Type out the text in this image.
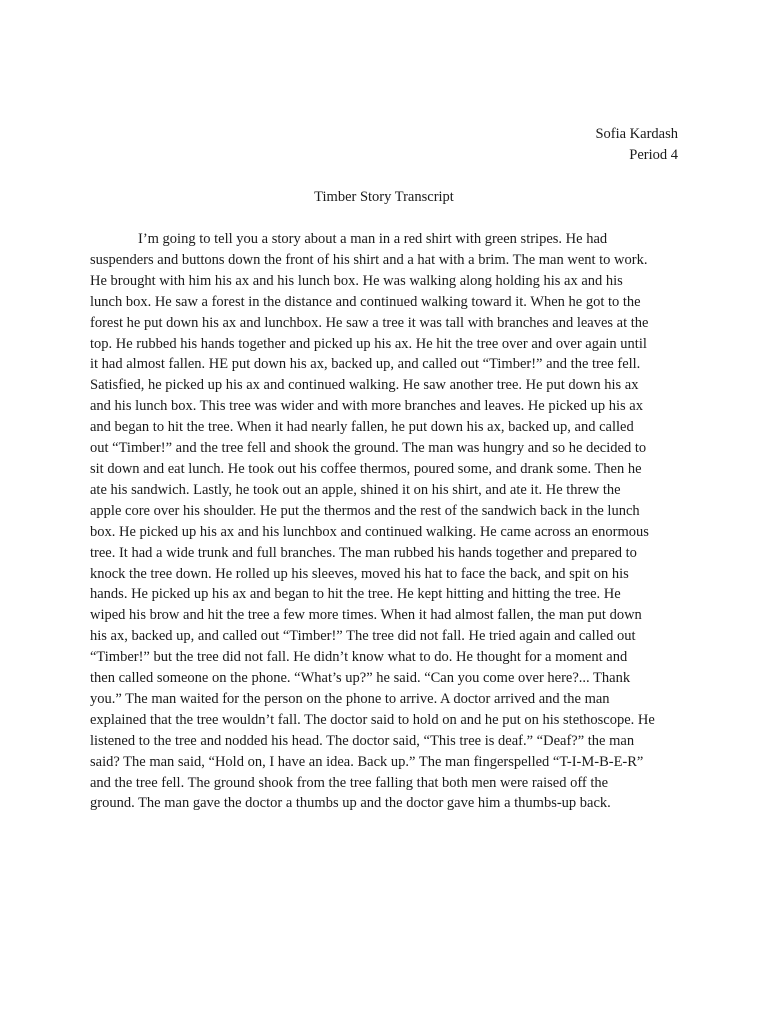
Sofia Kardash
Period 4
Timber Story Transcript
I’m going to tell you a story about a man in a red shirt with green stripes. He had
suspenders and buttons down the front of his shirt and a hat with a brim. The man went to work.
He brought with him his ax and his lunch box. He was walking along holding his ax and his
lunch box. He saw a forest in the distance and continued walking toward it. When he got to the
forest he put down his ax and lunchbox. He saw a tree it was tall with branches and leaves at the
top. He rubbed his hands together and picked up his ax. He hit the tree over and over again until
it had almost fallen. HE put down his ax, backed up, and called out “Timber!” and the tree fell.
Satisfied, he picked up his ax and continued walking. He saw another tree. He put down his ax
and his lunch box. This tree was wider and with more branches and leaves. He picked up his ax
and began to hit the tree. When it had nearly fallen, he put down his ax, backed up, and called
out “Timber!” and the tree fell and shook the ground. The man was hungry and so he decided to
sit down and eat lunch. He took out his coffee thermos, poured some, and drank some. Then he
ate his sandwich. Lastly, he took out an apple, shined it on his shirt, and ate it. He threw the
apple core over his shoulder. He put the thermos and the rest of the sandwich back in the lunch
box. He picked up his ax and his lunchbox and continued walking. He came across an enormous
tree. It had a wide trunk and full branches. The man rubbed his hands together and prepared to
knock the tree down. He rolled up his sleeves, moved his hat to face the back, and spit on his
hands. He picked up his ax and began to hit the tree. He kept hitting and hitting the tree. He
wiped his brow and hit the tree a few more times. When it had almost fallen, the man put down
his ax, backed up, and called out “Timber!” The tree did not fall. He tried again and called out
“Timber!” but the tree did not fall. He didn’t know what to do. He thought for a moment and
then called someone on the phone. “What’s up?” he said. “Can you come over here?... Thank
you.” The man waited for the person on the phone to arrive. A doctor arrived and the man
explained that the tree wouldn’t fall. The doctor said to hold on and he put on his stethoscope. He
listened to the tree and nodded his head. The doctor said, “This tree is deaf.” “Deaf?” the man
said? The man said, “Hold on, I have an idea. Back up.” The man fingerspelled “T-I-M-B-E-R”
and the tree fell. The ground shook from the tree falling that both men were raised off the
ground. The man gave the doctor a thumbs up and the doctor gave him a thumbs-up back.
